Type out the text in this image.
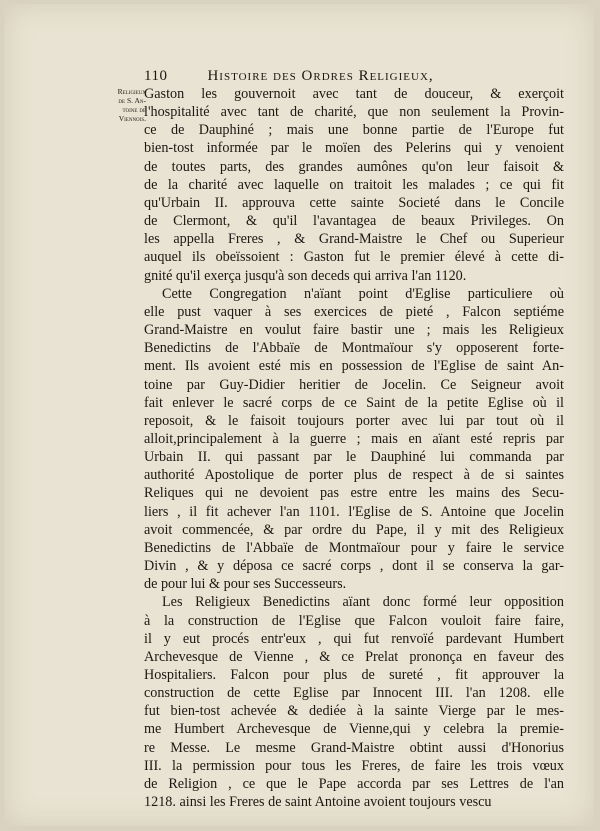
110	Histoire des Ordres Religieux,
Religieux
de S. An-
toine de
Viennois.
Gaston les gouvernoit avec tant de douceur, & exerçoit
l'hospitalité avec tant de charité, que non seulement la Provin-
ce de Dauphiné ; mais une bonne partie de l'Europe fut
bien-tost informée par le moïen des Pelerins qui y venoient
de toutes parts, des grandes aumônes qu'on leur faisoit &
de la charité avec laquelle on traitoit les malades ; ce qui fit
qu'Urbain II. approuva cette sainte Societé dans le Concile
de Clermont, & qu'il l'avantagea de beaux Privileges. On
les appella Freres , & Grand-Maistre le Chef ou Superieur
auquel ils obeïssoient : Gaston fut le premier élevé à cette di-
gnité qu'il exerça jusqu'à son deceds qui arriva l'an 1120.
Cette Congregation n'aïant point d'Eglise particuliere où
elle pust vaquer à ses exercices de pieté , Falcon septiéme
Grand-Maistre en voulut faire bastir une ; mais les Religieux
Benedictins de l'Abbaïe de Montmaïour s'y opposerent forte-
ment. Ils avoient esté mis en possession de l'Eglise de saint An-
toine par Guy-Didier heritier de Jocelin. Ce Seigneur avoit
fait enlever le sacré corps de ce Saint de la petite Eglise où il
reposoit, & le faisoit toujours porter avec lui par tout où il
alloit,principalement à la guerre ; mais en aïant esté repris par
Urbain II. qui passant par le Dauphiné lui commanda par
authorité Apostolique de porter plus de respect à de si saintes
Reliques qui ne devoient pas estre entre les mains des Secu-
liers , il fit achever l'an 1101. l'Eglise de S. Antoine que Jocelin
avoit commencée, & par ordre du Pape, il y mit des Religieux
Benedictins de l'Abbaïe de Montmaïour pour y faire le service
Divin , & y déposa ce sacré corps , dont il se conserva la gar-
de pour lui & pour ses Successeurs.
Les Religieux Benedictins aïant donc formé leur opposition
à la construction de l'Eglise que Falcon vouloit faire faire,
il y eut procés entr'eux , qui fut renvoïé pardevant Humbert
Archevesque de Vienne , & ce Prelat prononça en faveur des
Hospitaliers. Falcon pour plus de sureté , fit approuver la
construction de cette Eglise par Innocent III. l'an 1208. elle
fut bien-tost achevée & dediée à la sainte Vierge par le mes-
me Humbert Archevesque de Vienne,qui y celebra la premie-
re Messe. Le mesme Grand-Maistre obtint aussi d'Honorius
III. la permission pour tous les Freres, de faire les trois vœux
de Religion , ce que le Pape accorda par ses Lettres de l'an
1218. ainsi les Freres de saint Antoine avoient toujours vescu
